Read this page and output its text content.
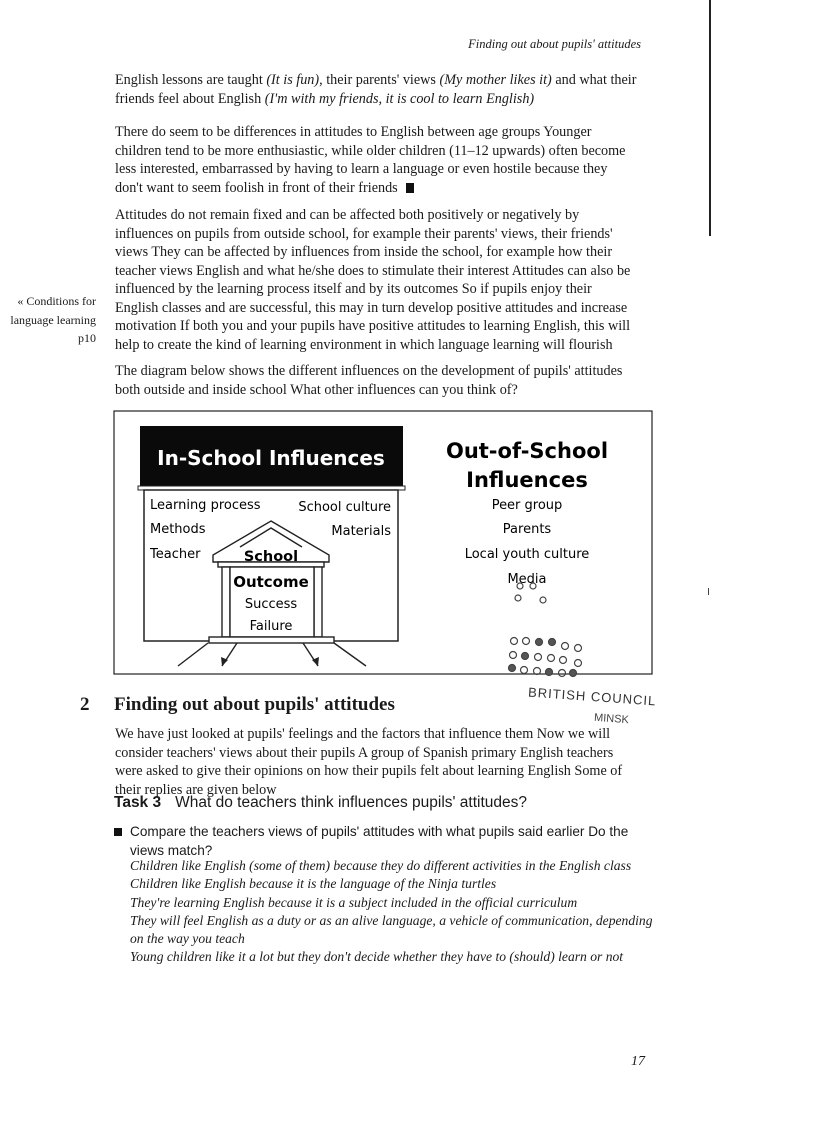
Finding out about pupils' attitudes
English lessons are taught (It is fun), their parents' views (My mother likes it) and what their
friends feel about English (I'm with my friends, it is cool to learn English)
There do seem to be differences in attitudes to English between age groups Younger
children tend to be more enthusiastic, while older children (11–12 upwards) often become
less interested, embarrassed by having to learn a language or even hostile because they
don't want to seem foolish in front of their friends
Attitudes do not remain fixed and can be affected both positively or negatively by
influences on pupils from outside school, for example their parents' views, their friends'
views They can be affected by influences from inside the school, for example how their
teacher views English and what he/she does to stimulate their interest Attitudes can also be
influenced by the learning process itself and by its outcomes So if pupils enjoy their
English classes and are successful, this may in turn develop positive attitudes and increase
motivation If both you and your pupils have positive attitudes to learning English, this will
help to create the kind of learning environment in which language learning will flourish
« Conditions for
language learning
p10
The diagram below shows the different influences on the development of pupils' attitudes
both outside and inside school What other influences can you think of?
In-School Influences
Learning process	School culture
Methods	Materials
Teacher	School
Outcome
Success
Failure
Out-of-School
Influences
Peer group
Parents
Local youth culture
Media
BRITISH COUNCIL
MINSK
2 Finding out about pupils' attitudes
We have just looked at pupils' feelings and the factors that influence them Now we will
consider teachers' views about their pupils A group of Spanish primary English teachers
were asked to give their opinions on how their pupils felt about learning English Some of
their replies are given below
Task 3 What do teachers think influences pupils' attitudes?
Compare the teachers views of pupils' attitudes with what pupils said earlier Do the
views match?
Children like English (some of them) because they do different activities in the English class
Children like English because it is the language of the Ninja turtles
They're learning English because it is a subject included in the official curriculum
They will feel English as a duty or as an alive language, a vehicle of communication, depending
on the way you teach
Young children like it a lot but they don't decide whether they have to (should) learn or not
17
